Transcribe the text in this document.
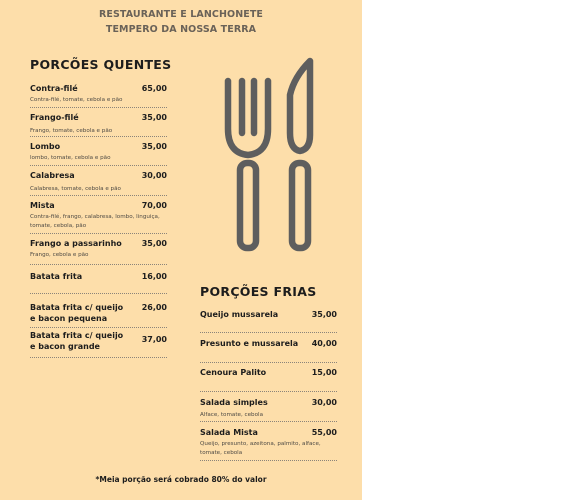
RESTAURANTE E LANCHONETE
TEMPERO DA NOSSA TERRA
PORCÕES QUENTES
Contra-filé	65,00
Contra-filé, tomate, cebola e pão
Frango-filé	35,00
Frango, tomate, cebola e pão
Lombo	35,00
lombo, tomate, cebola e pão
Calabresa	30,00
Calabresa, tomate, cebola e pão
Mista	70,00
Contra-filé, frango, calabresa, lombo, linguiça, tomate, cebola, pão
Frango a passarinho	35,00
Frango, cebola e pão
Batata frita	16,00
Batata frita c/ queijo e bacon pequena
26,00
Batata frita c/ queijo e bacon grande
37,00
PORÇÕES FRIAS
Queijo mussarela	35,00
Presunto e mussarela	40,00
Cenoura Palito	15,00
Salada simples	30,00
Alface, tomate, cebola
Salada Mista	55,00
Queijo, presunto, azeitona, palmito, alface, tomate, cebola
*Meia porção será cobrado 80% do valor
